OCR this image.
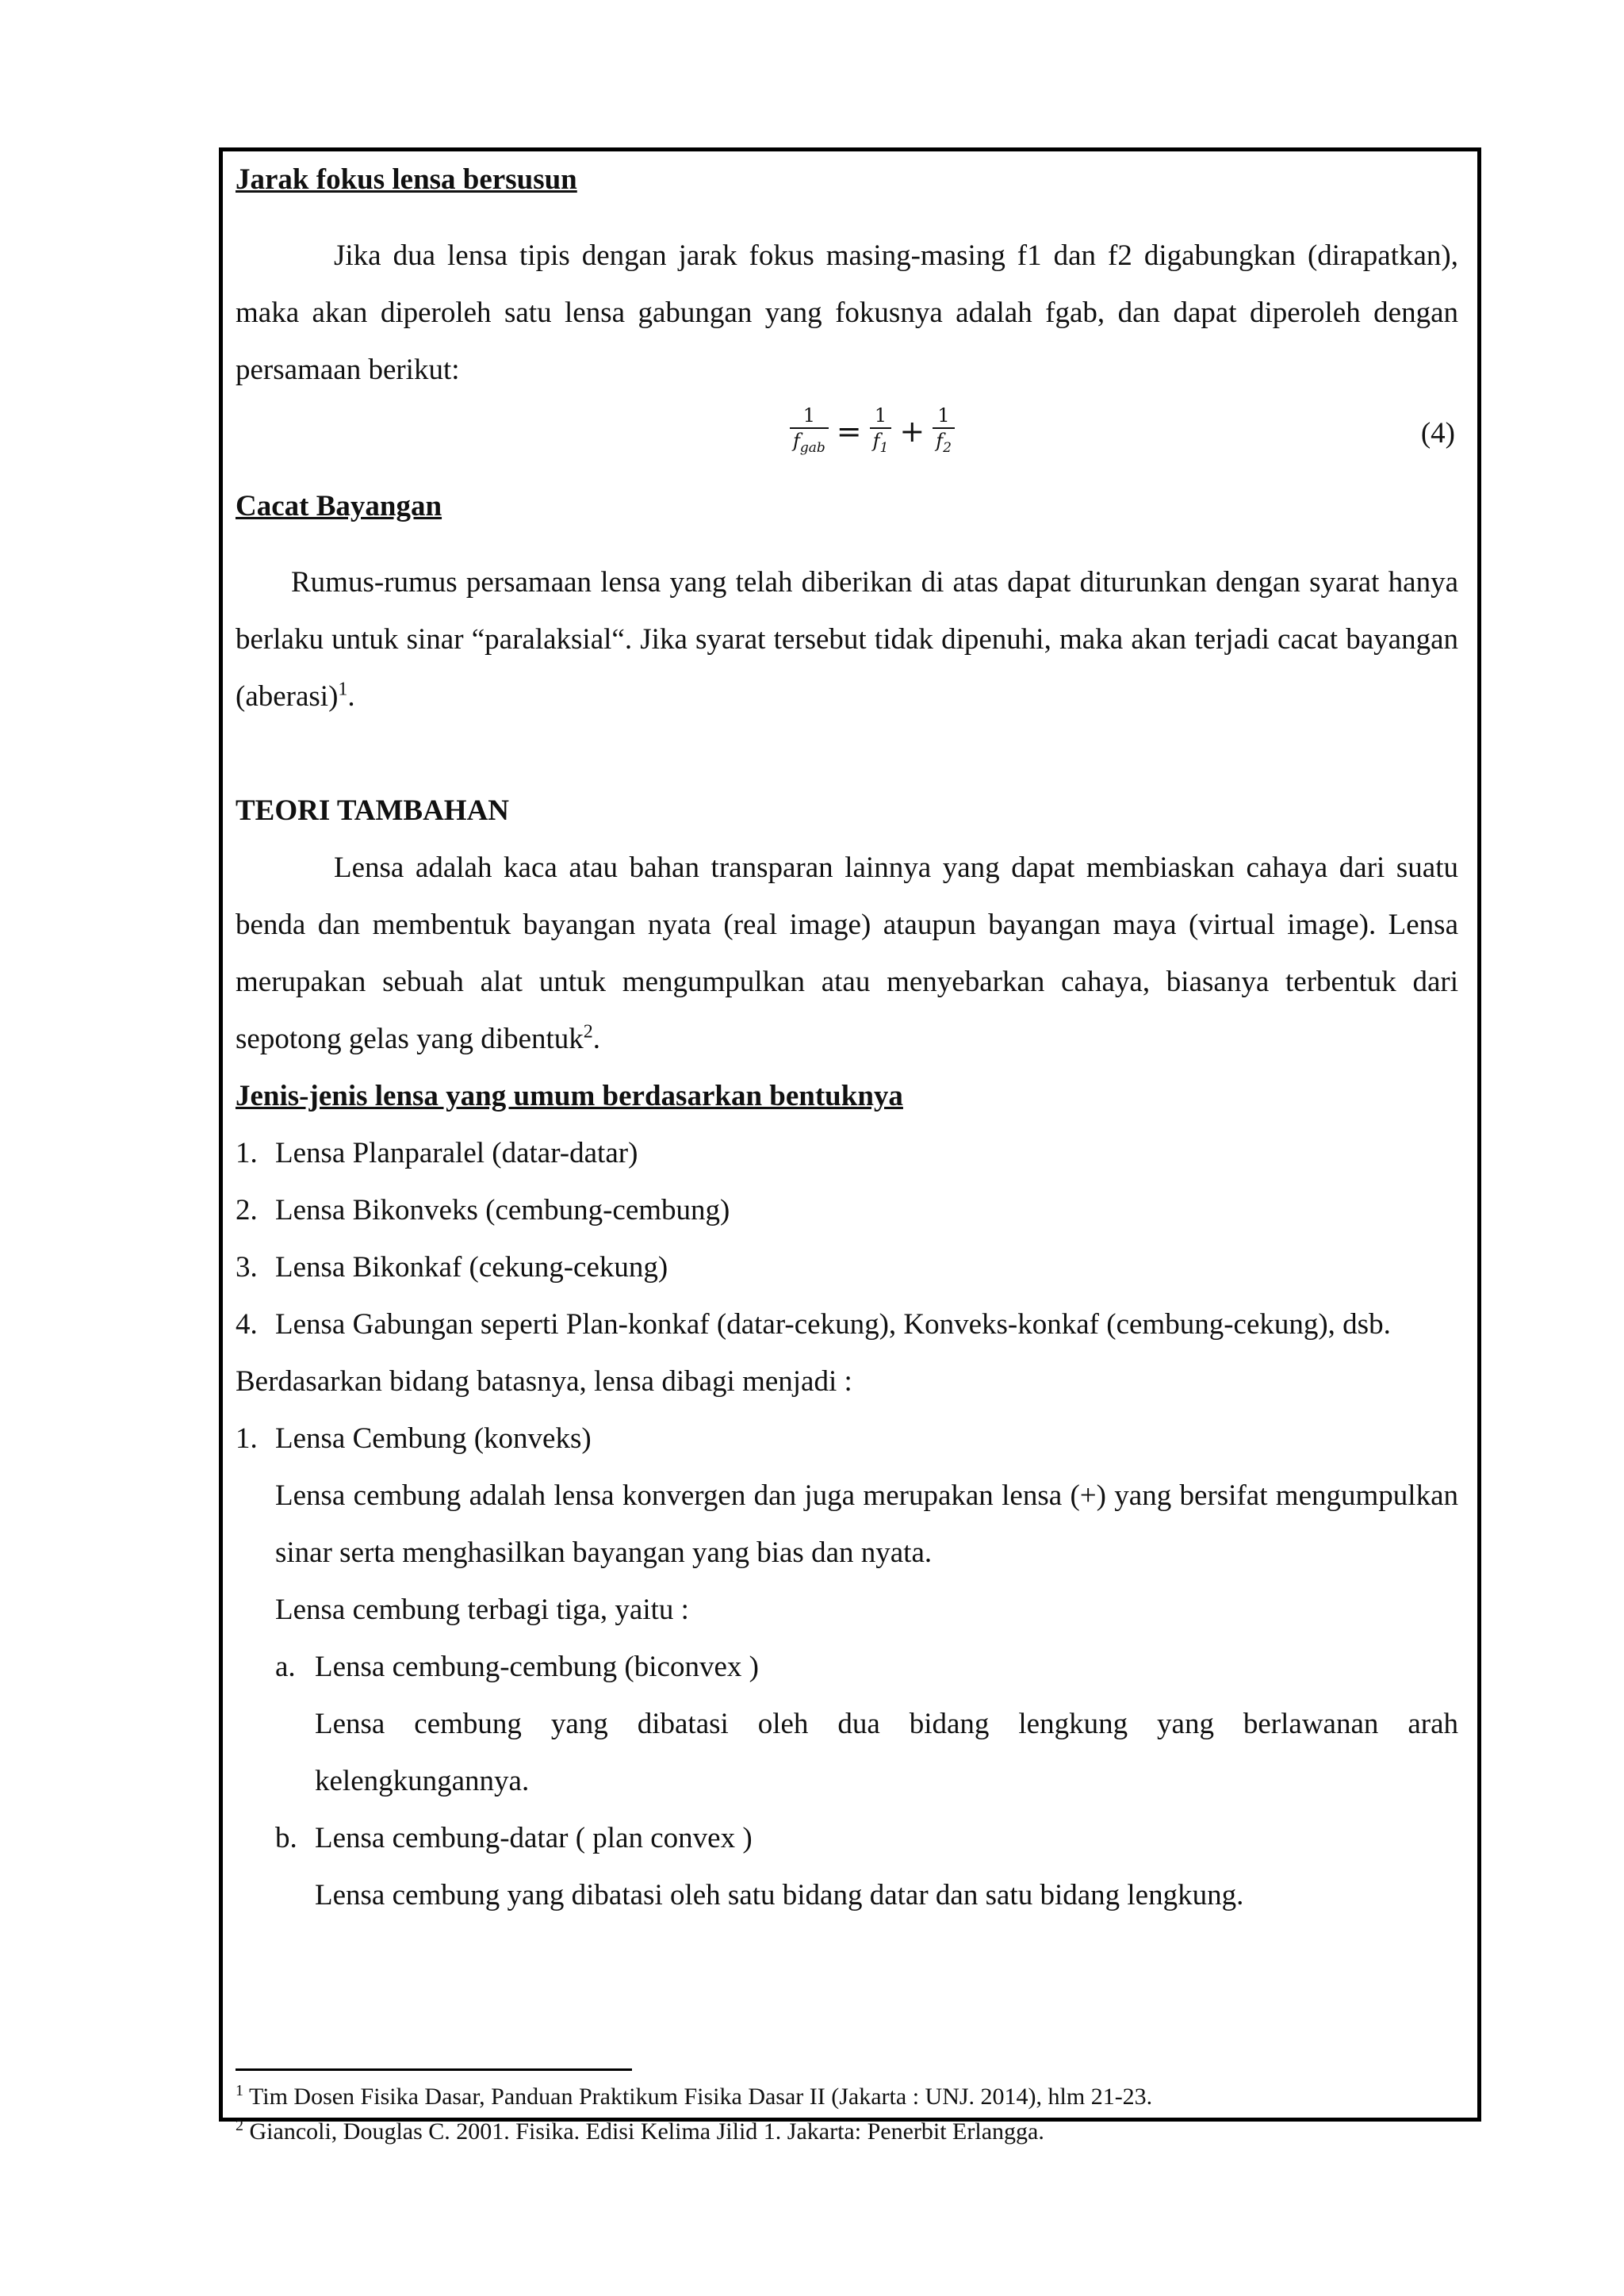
Jarak fokus lensa bersusun

Jika dua lensa tipis dengan jarak fokus masing-masing f1 dan f2 digabungkan (dirapatkan), maka akan diperoleh satu lensa gabungan yang fokusnya adalah fgab, dan dapat diperoleh dengan persamaan berikut:

$\frac{1}{f_{gab}} = \frac{1}{f_1} + \frac{1}{f_2}$	(4)
Cacat Bayangan

Rumus-rumus persamaan lensa yang telah diberikan di atas dapat diturunkan dengan syarat hanya berlaku untuk sinar “paralaksial“. Jika syarat tersebut tidak dipenuhi, maka akan terjadi cacat bayangan (aberasi)$^1$.

TEORI TAMBAHAN

Lensa adalah kaca atau bahan transparan lainnya yang dapat membiaskan cahaya dari suatu benda dan membentuk bayangan nyata (real image) ataupun bayangan maya (virtual image). Lensa merupakan sebuah alat untuk mengumpulkan atau menyebarkan cahaya, biasanya terbentuk dari sepotong gelas yang dibentuk$^2$.

Jenis-jenis lensa yang umum berdasarkan bentuknya
1. Lensa Planparalel (datar-datar)
2. Lensa Bikonveks (cembung-cembung)
3. Lensa Bikonkaf (cekung-cekung)
4. Lensa Gabungan seperti Plan-konkaf (datar-cekung), Konveks-konkaf (cembung-cekung), dsb.
Berdasarkan bidang batasnya, lensa dibagi menjadi :
1. Lensa Cembung (konveks)
Lensa cembung adalah lensa konvergen dan juga merupakan lensa (+) yang bersifat mengumpulkan sinar serta menghasilkan bayangan yang bias dan nyata.
Lensa cembung terbagi tiga, yaitu :
a. Lensa cembung-cembung (biconvex )
Lensa cembung yang dibatasi oleh dua bidang lengkung yang berlawanan arah kelengkungannya.
b. Lensa cembung-datar ( plan convex )
Lensa cembung yang dibatasi oleh satu bidang datar dan satu bidang lengkung.
$^1$ Tim Dosen Fisika Dasar, Panduan Praktikum Fisika Dasar II (Jakarta : UNJ. 2014), hlm 21-23.
$^2$ Giancoli, Douglas C. 2001. Fisika. Edisi Kelima Jilid 1. Jakarta: Penerbit Erlangga.
